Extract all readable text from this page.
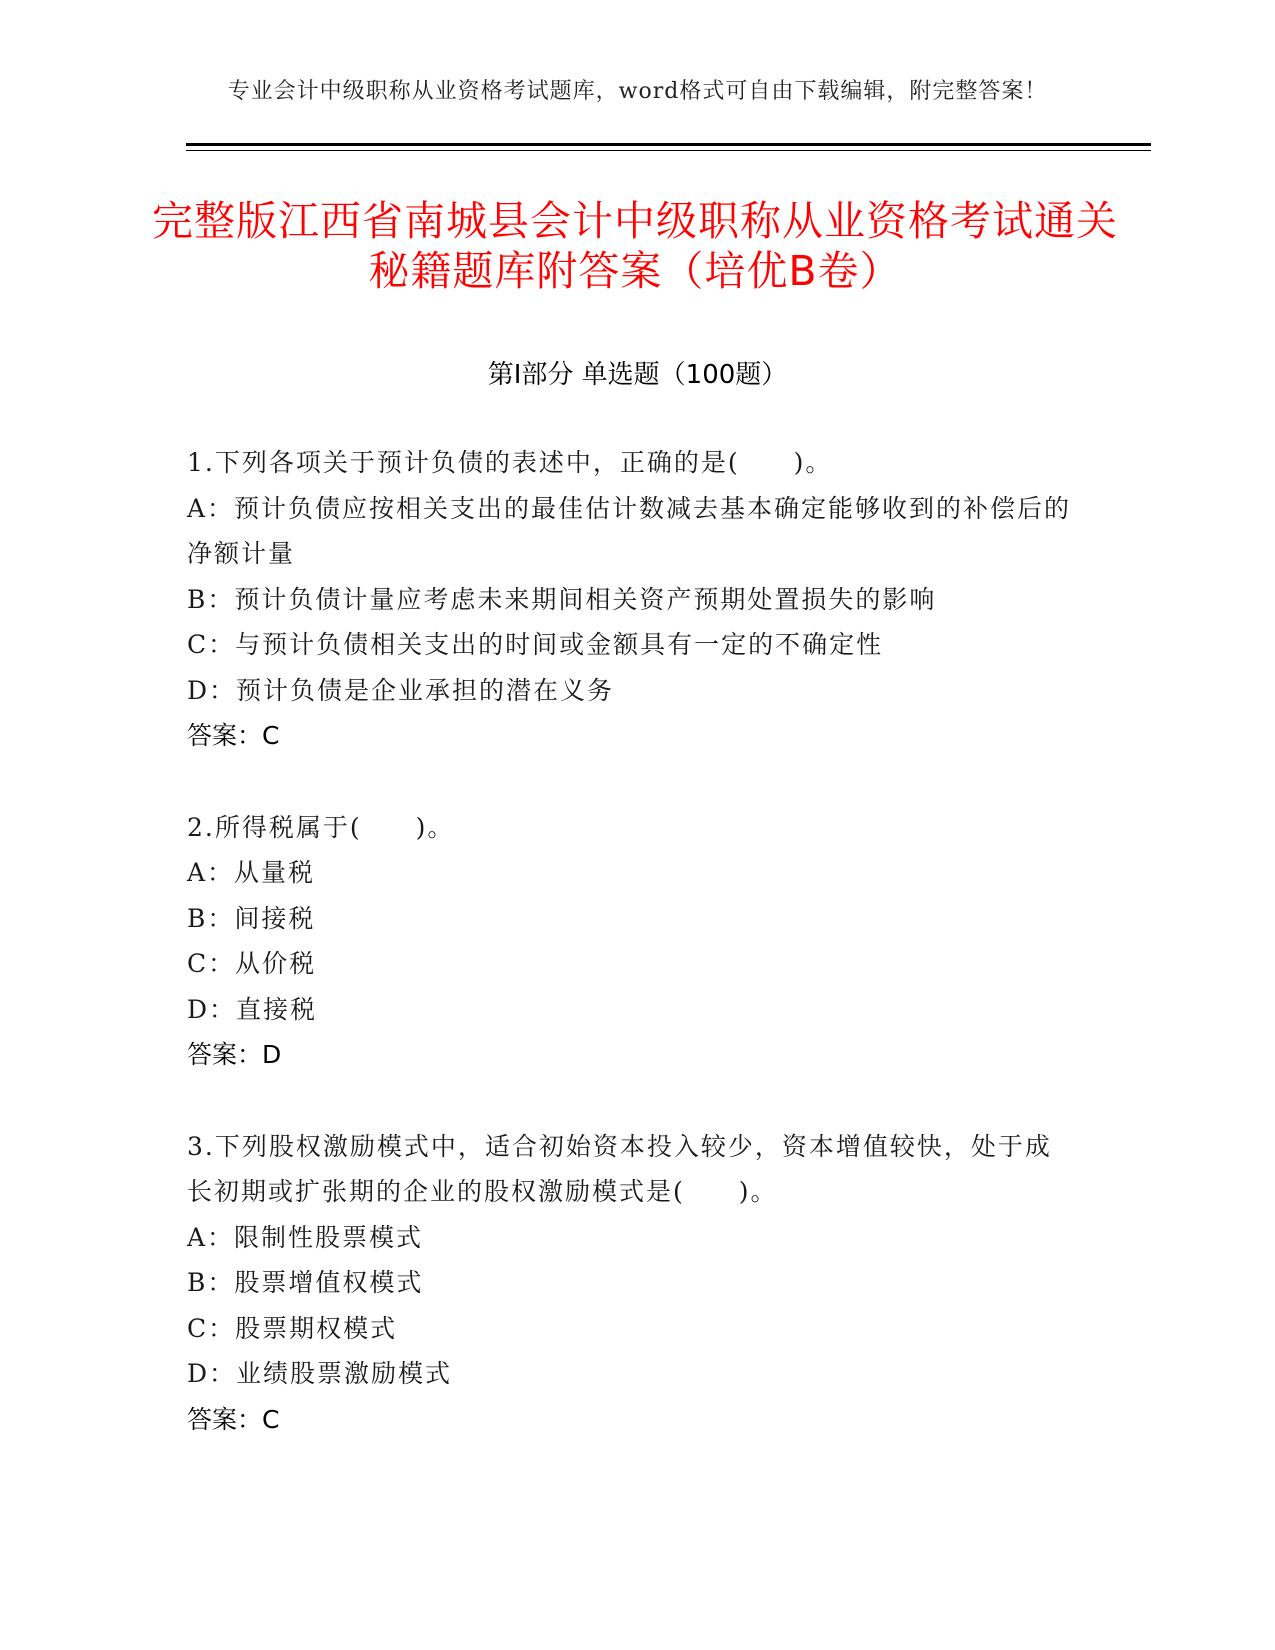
专业会计中级职称从业资格考试题库，word格式可自由下载编辑，附完整答案！
完整版江西省南城县会计中级职称从业资格考试通关秘籍题库附答案（培优B卷）
第Ⅰ部分 单选题（100题）
1.下列各项关于预计负债的表述中，正确的是(　　)。
A：预计负债应按相关支出的最佳估计数减去基本确定能够收到的补偿后的净额计量
B：预计负债计量应考虑未来期间相关资产预期处置损失的影响
C：与预计负债相关支出的时间或金额具有一定的不确定性
D：预计负债是企业承担的潜在义务
答案：C
2.所得税属于(　　)。
A：从量税
B：间接税
C：从价税
D：直接税
答案：D
3.下列股权激励模式中，适合初始资本投入较少，资本增值较快，处于成长初期或扩张期的企业的股权激励模式是(　　)。
A：限制性股票模式
B：股票增值权模式
C：股票期权模式
D：业绩股票激励模式
答案：C
